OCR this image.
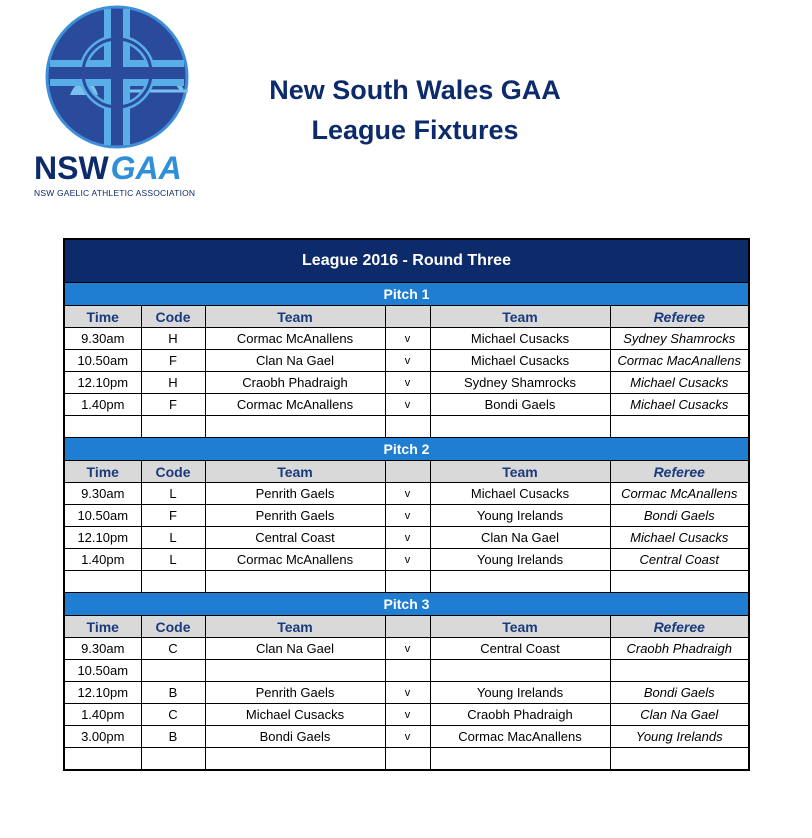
NSWGAA
NSW GAELIC ATHLETIC ASSOCIATION
New South Wales GAA
League Fixtures
League 2016 - Round Three					
Pitch 1					
Time	Code	Team		Team	Referee
9.30am	H	Cormac McAnallens	v	Michael Cusacks	Sydney Shamrocks
10.50am	F	Clan Na Gael	v	Michael Cusacks	Cormac MacAnallens
12.10pm	H	Craobh Phadraigh	v	Sydney Shamrocks	Michael Cusacks
1.40pm	F	Cormac McAnallens	v	Bondi Gaels	Michael Cusacks

Pitch 2					
Time	Code	Team		Team	Referee
9.30am	L	Penrith Gaels	v	Michael Cusacks	Cormac McAnallens
10.50am	F	Penrith Gaels	v	Young Irelands	Bondi Gaels
12.10pm	L	Central Coast	v	Clan Na Gael	Michael Cusacks
1.40pm	L	Cormac McAnallens	v	Young Irelands	Central Coast

Pitch 3					
Time	Code	Team		Team	Referee
9.30am	C	Clan Na Gael	v	Central Coast	Craobh Phadraigh
10.50am					
12.10pm	B	Penrith Gaels	v	Young Irelands	Bondi Gaels
1.40pm	C	Michael Cusacks	v	Craobh Phadraigh	Clan Na Gael
3.00pm	B	Bondi Gaels	v	Cormac MacAnallens	Young Irelands
